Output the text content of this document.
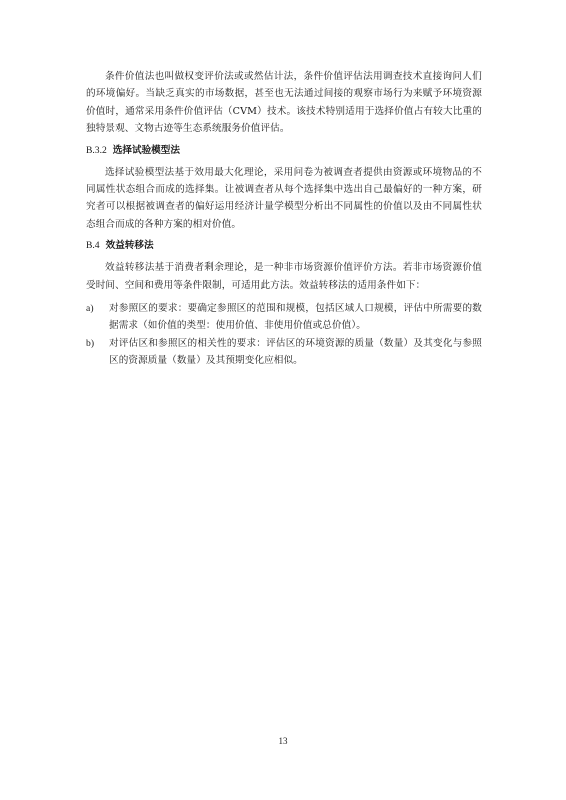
条件价值法也叫做权变评价法或或然估计法，条件价值评估法用调查技术直接询问人们的环境偏好。当缺乏真实的市场数据，甚至也无法通过间接的观察市场行为来赋予环境资源价值时，通常采用条件价值评估（CVM）技术。该技术特别适用于选择价值占有较大比重的独特景观、文物古迹等生态系统服务价值评估。

B.3.2 选择试验模型法

选择试验模型法基于效用最大化理论，采用问卷为被调查者提供由资源或环境物品的不同属性状态组合而成的选择集。让被调查者从每个选择集中选出自己最偏好的一种方案，研究者可以根据被调查者的偏好运用经济计量学模型分析出不同属性的价值以及由不同属性状态组合而成的各种方案的相对价值。

B.4 效益转移法

效益转移法基于消费者剩余理论，是一种非市场资源价值评价方法。若非市场资源价值受时间、空间和费用等条件限制，可适用此方法。效益转移法的适用条件如下：

a) 对参照区的要求：要确定参照区的范围和规模，包括区域人口规模，评估中所需要的数据需求（如价值的类型：使用价值、非使用价值或总价值）。
b) 对评估区和参照区的相关性的要求：评估区的环境资源的质量（数量）及其变化与参照区的资源质量（数量）及其预期变化应相似。
13
